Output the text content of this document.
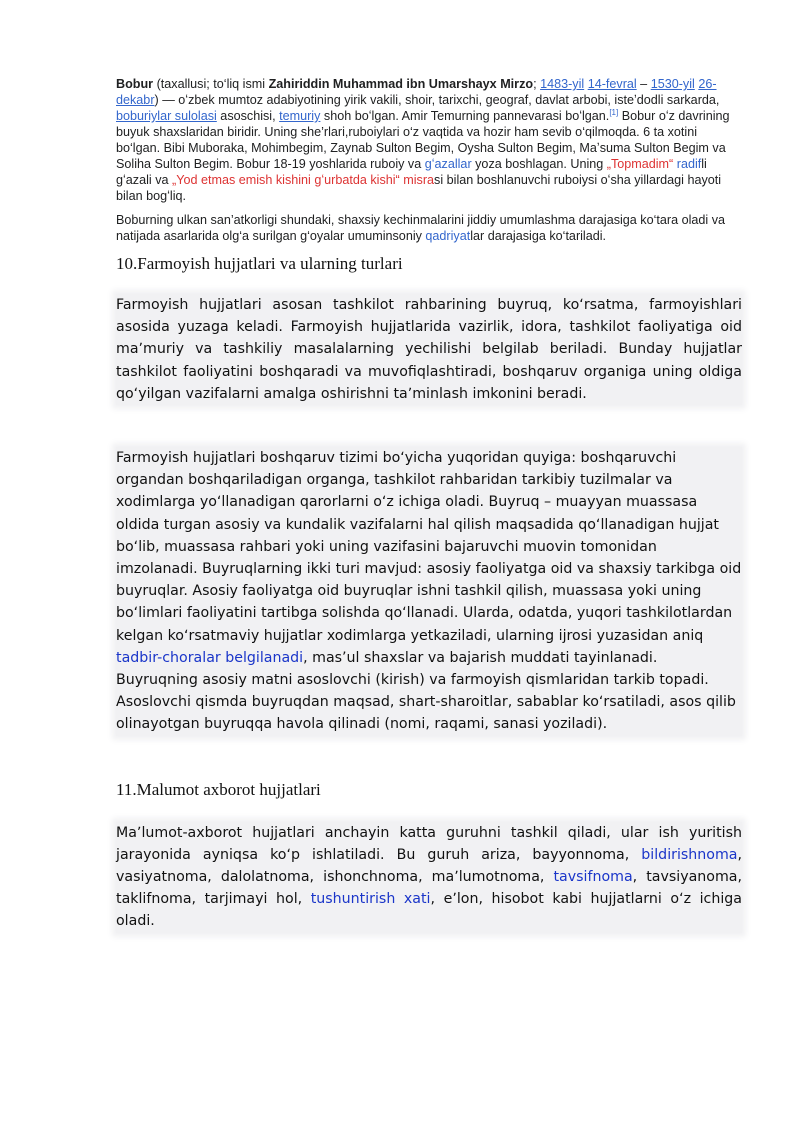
Bobur (taxallusi; to‘liq ismi Zahiriddin Muhammad ibn Umarshayx Mirzo; 1483-yil 14-fevral – 1530-yil 26-dekabr) — oʻzbek mumtoz adabiyotining yirik vakili, shoir, tarixchi, geograf, davlat arbobi, isteʼdodli sarkarda, boburiylar sulolasi asoschisi, temuriy shoh boʻlgan. Amir Temurning pannevarasi boʻlgan.[1] Bobur oʻz davrining buyuk shaxslaridan biridir. Uning she’rlari,ruboiylari o‘z vaqtida va hozir ham sevib o‘qilmoqda. 6 ta xotini bo‘lgan. Bibi Muboraka, Mohimbegim, Zaynab Sulton Begim, Oysha Sulton Begim, Maʼsuma Sulton Begim va Soliha Sulton Begim. Bobur 18-19 yoshlarida ruboiy va gʻazallar yoza boshlagan. Uning „Topmadim“ radifli gʻazali va „Yod etmas emish kishini gʻurbatda kishi“ misrasi bilan boshlanuvchi ruboiysi oʻsha yillardagi hayoti bilan bogʻliq.

Boburning ulkan san’atkorligi shundaki, shaxsiy kechinmalarini jiddiy umumlashma darajasiga ko‘tara oladi va natijada asarlarida olg‘a surilgan g‘oyalar umuminsoniy qadriyatlar darajasiga ko‘tariladi.

10.Farmoyish hujjatlari va ularning turlari

Farmoyish hujjatlari asosan tashkilot rahbarining buyruq, koʻrsatma, farmoyishlari asosida yuzaga keladi. Farmoyish hujjatlarida vazirlik, idora, tashkilot faoliyatiga oid maʼmuriy va tashkiliy masalalarning yechilishi belgilab beriladi. Bunday hujjatlar tashkilot faoliyatini boshqaradi va muvofiqlashtiradi, boshqaruv organiga uning oldiga qoʻyilgan vazifalarni amalga oshirishni taʼminlash imkonini beradi.

Farmoyish hujjatlari boshqaruv tizimi boʻyicha yuqoridan quyiga: boshqaruvchi organdan boshqariladigan organga, tashkilot rahbaridan tarkibiy tuzilmalar va xodimlarga yoʻllanadigan qarorlarni oʻz ichiga oladi. Buyruq – muayyan muassasa oldida turgan asosiy va kundalik vazifalarni hal qilish maqsadida qoʻllanadigan hujjat boʻlib, muassasa rahbari yoki uning vazifasini bajaruvchi muovin tomonidan imzolanadi. Buyruqlarning ikki turi mavjud: asosiy faoliyatga oid va shaxsiy tarkibga oid buyruqlar. Asosiy faoliyatga oid buyruqlar ishni tashkil qilish, muassasa yoki uning boʻlimlari faoliyatini tartibga solishda qoʻllanadi. Ularda, odatda, yuqori tashkilotlardan kelgan koʻrsatmaviy hujjatlar xodimlarga yetkaziladi, ularning ijrosi yuzasidan aniq tadbir-choralar belgilanadi, mas’ul shaxslar va bajarish muddati tayinlanadi.

Buyruqning asosiy matni asoslovchi (kirish) va farmoyish qismlaridan tarkib topadi. Asoslovchi qismda buyruqdan maqsad, shart-sharoitlar, sabablar koʻrsatiladi, asos qilib olinayotgan buyruqqa havola qilinadi (nomi, raqami, sanasi yoziladi).

11.Malumot axborot hujjatlari

Maʼlumot-axborot hujjatlari anchayin katta guruhni tashkil qiladi, ular ish yuritish jarayonida ayniqsa koʻp ishlatiladi. Bu guruh ariza, bayyonnoma, bildirishnoma, vasiyatnoma, dalolatnoma, ishonchnoma, maʼlumotnoma, tavsifnoma, tavsiyanoma, taklifnoma, tarjimayi hol, tushuntirish xati, eʼlon, hisobot kabi hujjatlarni oʻz ichiga oladi.
